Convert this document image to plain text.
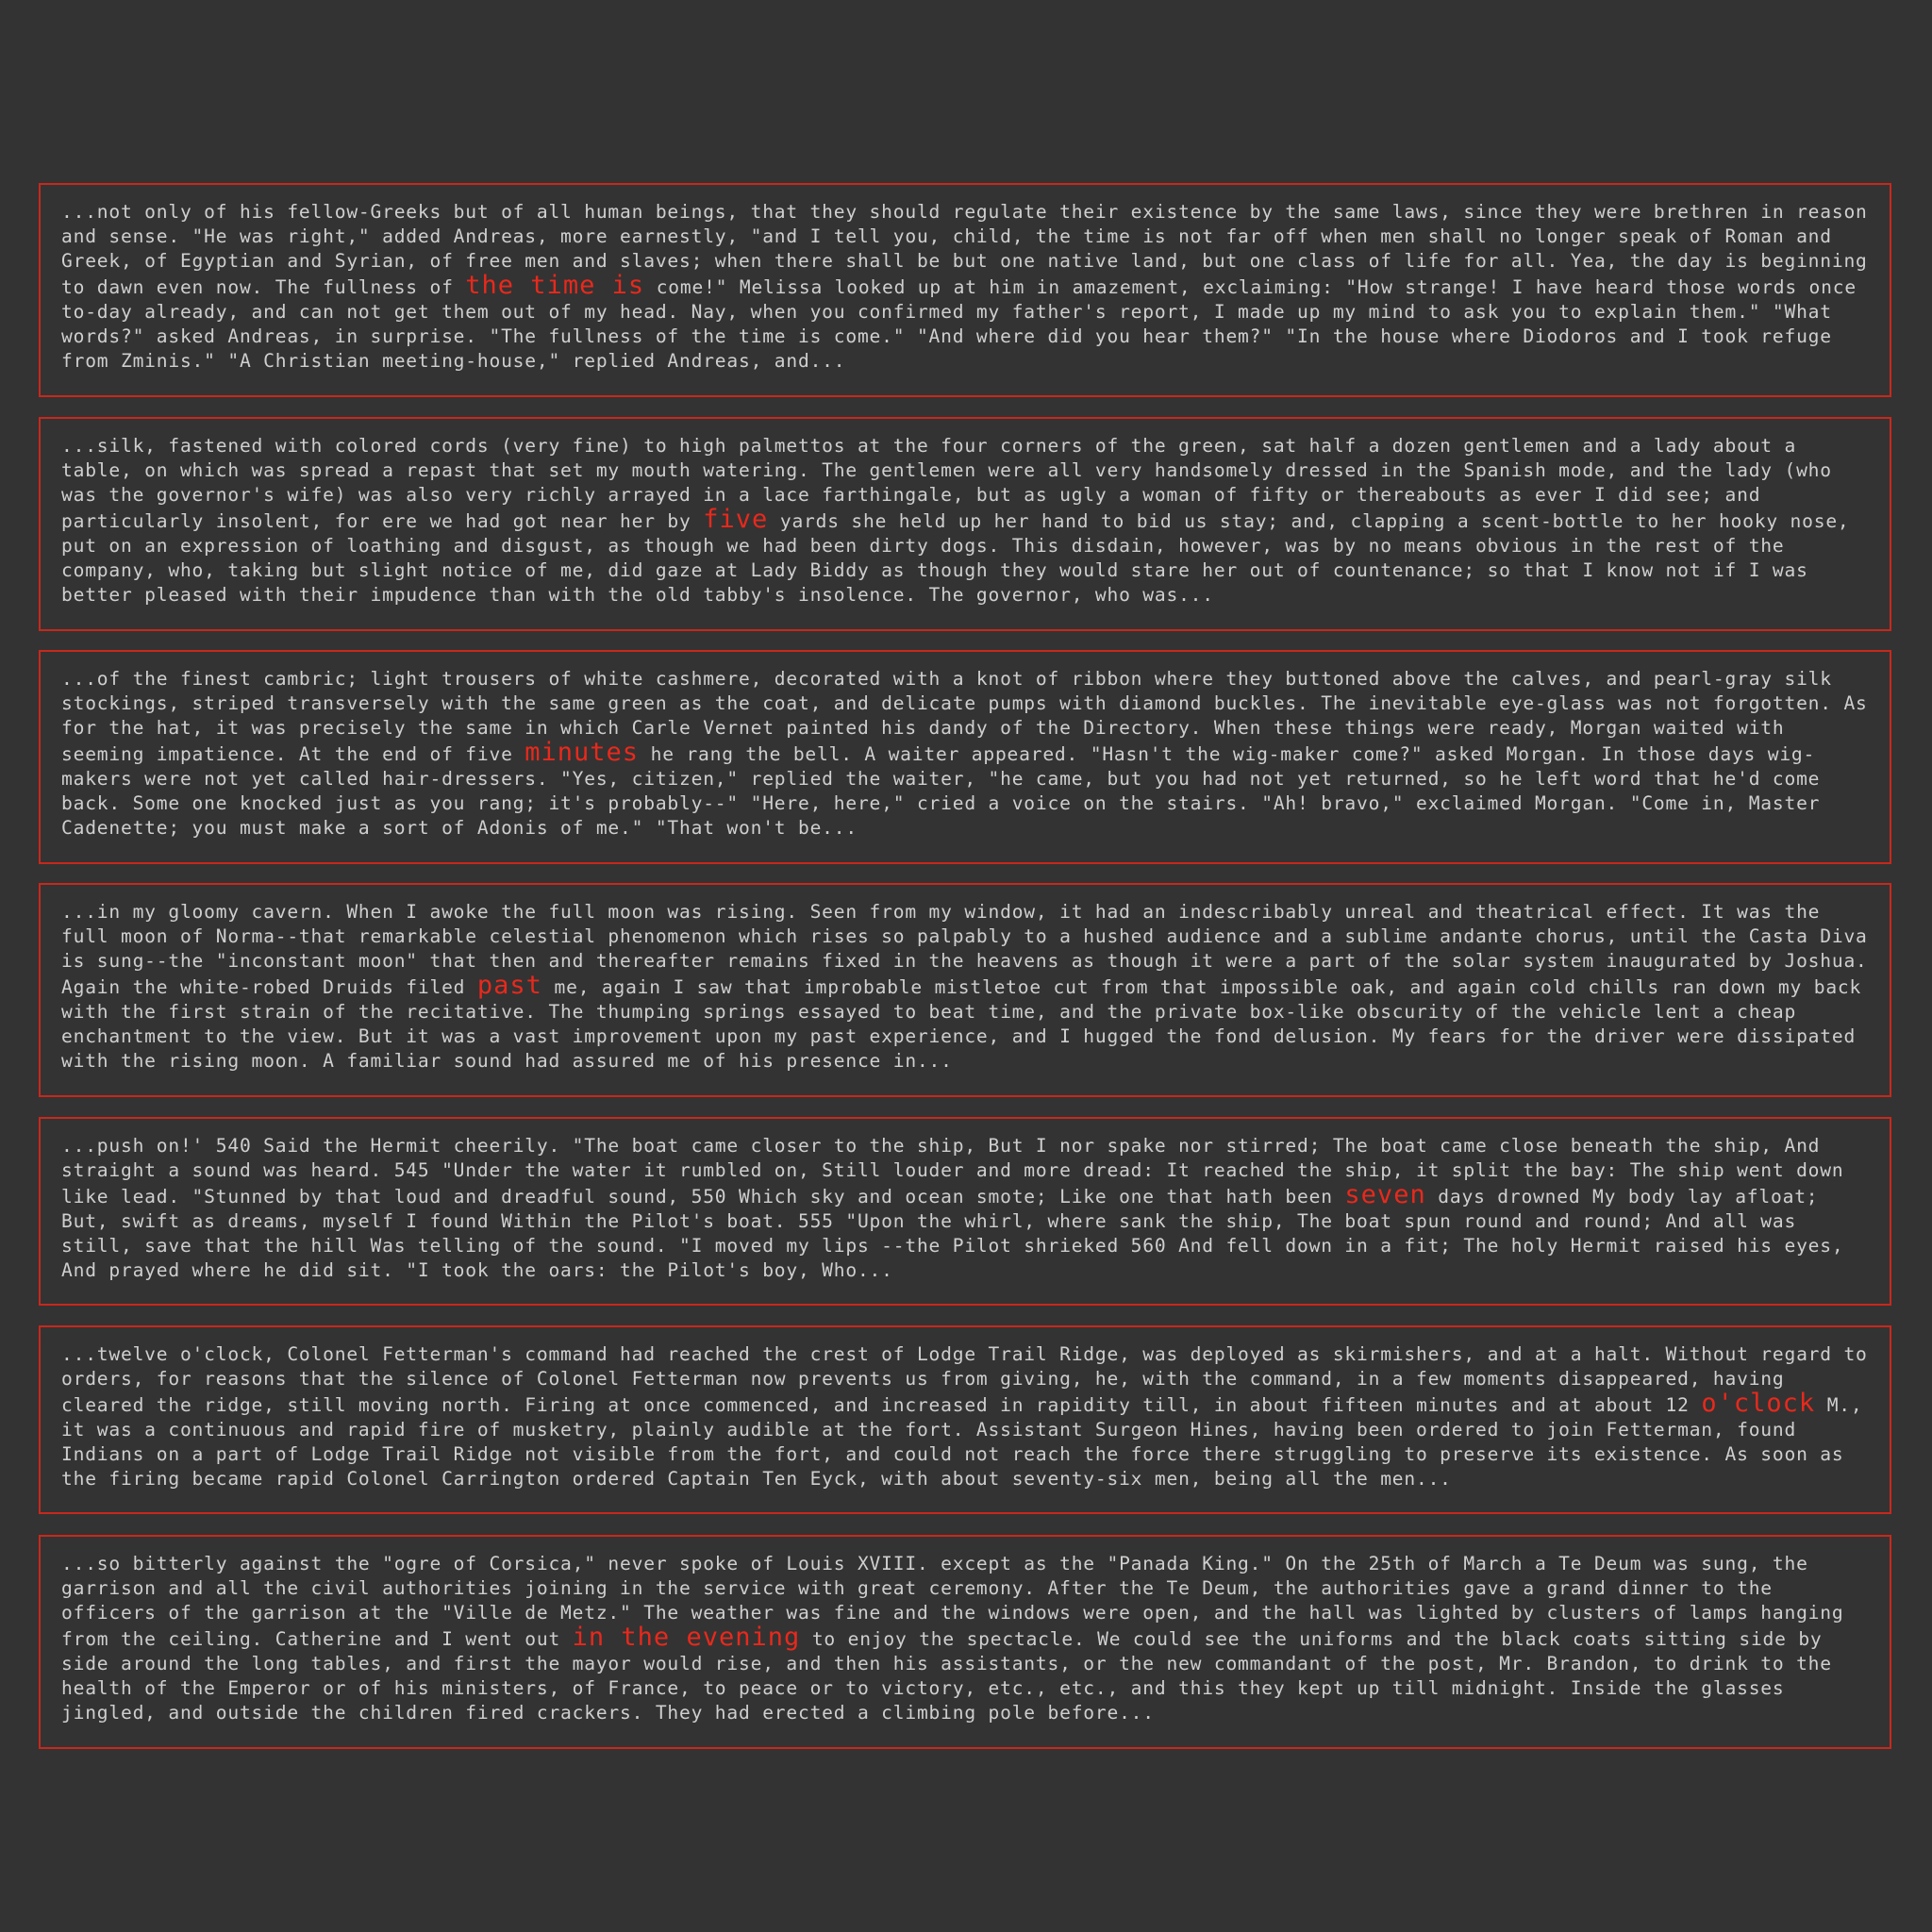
...not only of his fellow-Greeks but of all human beings, that they should regulate their existence by the same laws, since they were brethren in reason and sense. "He was right," added Andreas, more earnestly, "and I tell you, child, the time is not far off when men shall no longer speak of Roman and Greek, of Egyptian and Syrian, of free men and slaves; when there shall be but one native land, but one class of life for all. Yea, the day is beginning to dawn even now. The fullness of the time is come!" Melissa looked up at him in amazement, exclaiming: "How strange! I have heard those words once to-day already, and can not get them out of my head. Nay, when you confirmed my father's report, I made up my mind to ask you to explain them." "What words?" asked Andreas, in surprise. "The fullness of the time is come." "And where did you hear them?" "In the house where Diodoros and I took refuge from Zminis." "A Christian meeting-house," replied Andreas, and...
...silk, fastened with colored cords (very fine) to high palmettos at the four corners of the green, sat half a dozen gentlemen and a lady about a table, on which was spread a repast that set my mouth watering. The gentlemen were all very handsomely dressed in the Spanish mode, and the lady (who was the governor's wife) was also very richly arrayed in a lace farthingale, but as ugly a woman of fifty or thereabouts as ever I did see; and particularly insolent, for ere we had got near her by five yards she held up her hand to bid us stay; and, clapping a scent-bottle to her hooky nose, put on an expression of loathing and disgust, as though we had been dirty dogs. This disdain, however, was by no means obvious in the rest of the company, who, taking but slight notice of me, did gaze at Lady Biddy as though they would stare her out of countenance; so that I know not if I was better pleased with their impudence than with the old tabby's insolence. The governor, who was...
...of the finest cambric; light trousers of white cashmere, decorated with a knot of ribbon where they buttoned above the calves, and pearl-gray silk stockings, striped transversely with the same green as the coat, and delicate pumps with diamond buckles. The inevitable eye-glass was not forgotten. As for the hat, it was precisely the same in which Carle Vernet painted his dandy of the Directory. When these things were ready, Morgan waited with seeming impatience. At the end of five minutes he rang the bell. A waiter appeared. "Hasn't the wig-maker come?" asked Morgan. In those days wig-makers were not yet called hair-dressers. "Yes, citizen," replied the waiter, "he came, but you had not yet returned, so he left word that he'd come back. Some one knocked just as you rang; it's probably--" "Here, here," cried a voice on the stairs. "Ah! bravo," exclaimed Morgan. "Come in, Master Cadenette; you must make a sort of Adonis of me." "That won't be...
...in my gloomy cavern. When I awoke the full moon was rising. Seen from my window, it had an indescribably unreal and theatrical effect. It was the full moon of Norma--that remarkable celestial phenomenon which rises so palpably to a hushed audience and a sublime andante chorus, until the Casta Diva is sung--the "inconstant moon" that then and thereafter remains fixed in the heavens as though it were a part of the solar system inaugurated by Joshua. Again the white-robed Druids filed past me, again I saw that improbable mistletoe cut from that impossible oak, and again cold chills ran down my back with the first strain of the recitative. The thumping springs essayed to beat time, and the private box-like obscurity of the vehicle lent a cheap enchantment to the view. But it was a vast improvement upon my past experience, and I hugged the fond delusion. My fears for the driver were dissipated with the rising moon. A familiar sound had assured me of his presence in...
...push on!' 540 Said the Hermit cheerily. "The boat came closer to the ship, But I nor spake nor stirred; The boat came close beneath the ship, And straight a sound was heard. 545 "Under the water it rumbled on, Still louder and more dread: It reached the ship, it split the bay: The ship went down like lead. "Stunned by that loud and dreadful sound, 550 Which sky and ocean smote; Like one that hath been seven days drowned My body lay afloat; But, swift as dreams, myself I found Within the Pilot's boat. 555 "Upon the whirl, where sank the ship, The boat spun round and round; And all was still, save that the hill Was telling of the sound. "I moved my lips --the Pilot shrieked 560 And fell down in a fit; The holy Hermit raised his eyes, And prayed where he did sit. "I took the oars: the Pilot's boy, Who...
...twelve o'clock, Colonel Fetterman's command had reached the crest of Lodge Trail Ridge, was deployed as skirmishers, and at a halt. Without regard to orders, for reasons that the silence of Colonel Fetterman now prevents us from giving, he, with the command, in a few moments disappeared, having cleared the ridge, still moving north. Firing at once commenced, and increased in rapidity till, in about fifteen minutes and at about 12 o'clock M., it was a continuous and rapid fire of musketry, plainly audible at the fort. Assistant Surgeon Hines, having been ordered to join Fetterman, found Indians on a part of Lodge Trail Ridge not visible from the fort, and could not reach the force there struggling to preserve its existence. As soon as the firing became rapid Colonel Carrington ordered Captain Ten Eyck, with about seventy-six men, being all the men...
...so bitterly against the "ogre of Corsica," never spoke of Louis XVIII. except as the "Panada King." On the 25th of March a Te Deum was sung, the garrison and all the civil authorities joining in the service with great ceremony. After the Te Deum, the authorities gave a grand dinner to the officers of the garrison at the "Ville de Metz." The weather was fine and the windows were open, and the hall was lighted by clusters of lamps hanging from the ceiling. Catherine and I went out in the evening to enjoy the spectacle. We could see the uniforms and the black coats sitting side by side around the long tables, and first the mayor would rise, and then his assistants, or the new commandant of the post, Mr. Brandon, to drink to the health of the Emperor or of his ministers, of France, to peace or to victory, etc., etc., and this they kept up till midnight. Inside the glasses jingled, and outside the children fired crackers. They had erected a climbing pole before...
